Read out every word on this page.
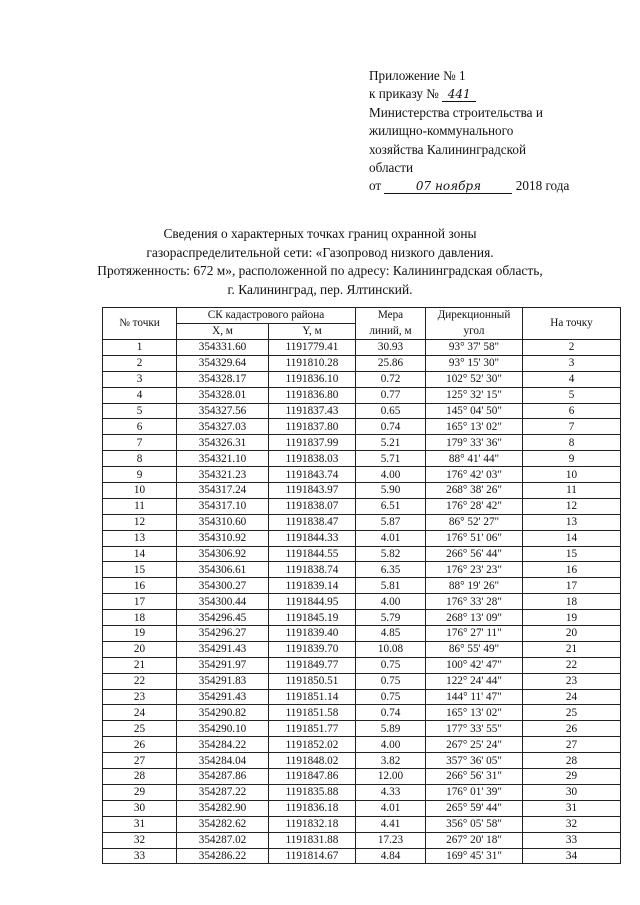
Приложение № 1
к приказу № 441
Министерства строительства и
жилищно-коммунального
хозяйства Калининградской
области
от	07 ноября	2018 года
Сведения о характерных точках границ охранной зоны
газораспределительной сети: «Газопровод низкого давления.
Протяженность: 672 м», расположенной по адресу: Калининградская область,
г. Калининград, пер. Ялтинский.
№ точки	СК кадастрового района		Мера	Дирекционный	На точку
	X, м	Y, м	линий, м	угол	
1	354331.60	1191779.41	30.93	93° 37' 58"	2
2	354329.64	1191810.28	25.86	93° 15' 30"	3
3	354328.17	1191836.10	0.72	102° 52' 30"	4
4	354328.01	1191836.80	0.77	125° 32' 15"	5
5	354327.56	1191837.43	0.65	145° 04' 50"	6
6	354327.03	1191837.80	0.74	165° 13' 02"	7
7	354326.31	1191837.99	5.21	179° 33' 36"	8
8	354321.10	1191838.03	5.71	88° 41' 44"	9
9	354321.23	1191843.74	4.00	176° 42' 03"	10
10	354317.24	1191843.97	5.90	268° 38' 26"	11
11	354317.10	1191838.07	6.51	176° 28' 42"	12
12	354310.60	1191838.47	5.87	86° 52' 27"	13
13	354310.92	1191844.33	4.01	176° 51' 06"	14
14	354306.92	1191844.55	5.82	266° 56' 44"	15
15	354306.61	1191838.74	6.35	176° 23' 23"	16
16	354300.27	1191839.14	5.81	88° 19' 26"	17
17	354300.44	1191844.95	4.00	176° 33' 28"	18
18	354296.45	1191845.19	5.79	268° 13' 09"	19
19	354296.27	1191839.40	4.85	176° 27' 11"	20
20	354291.43	1191839.70	10.08	86° 55' 49"	21
21	354291.97	1191849.77	0.75	100° 42' 47"	22
22	354291.83	1191850.51	0.75	122° 24' 44"	23
23	354291.43	1191851.14	0.75	144° 11' 47"	24
24	354290.82	1191851.58	0.74	165° 13' 02"	25
25	354290.10	1191851.77	5.89	177° 33' 55"	26
26	354284.22	1191852.02	4.00	267° 25' 24"	27
27	354284.04	1191848.02	3.82	357° 36' 05"	28
28	354287.86	1191847.86	12.00	266° 56' 31"	29
29	354287.22	1191835.88	4.33	176° 01' 39"	30
30	354282.90	1191836.18	4.01	265° 59' 44"	31
31	354282.62	1191832.18	4.41	356° 05' 58"	32
32	354287.02	1191831.88	17.23	267° 20' 18"	33
33	354286.22	1191814.67	4.84	169° 45' 31"	34
